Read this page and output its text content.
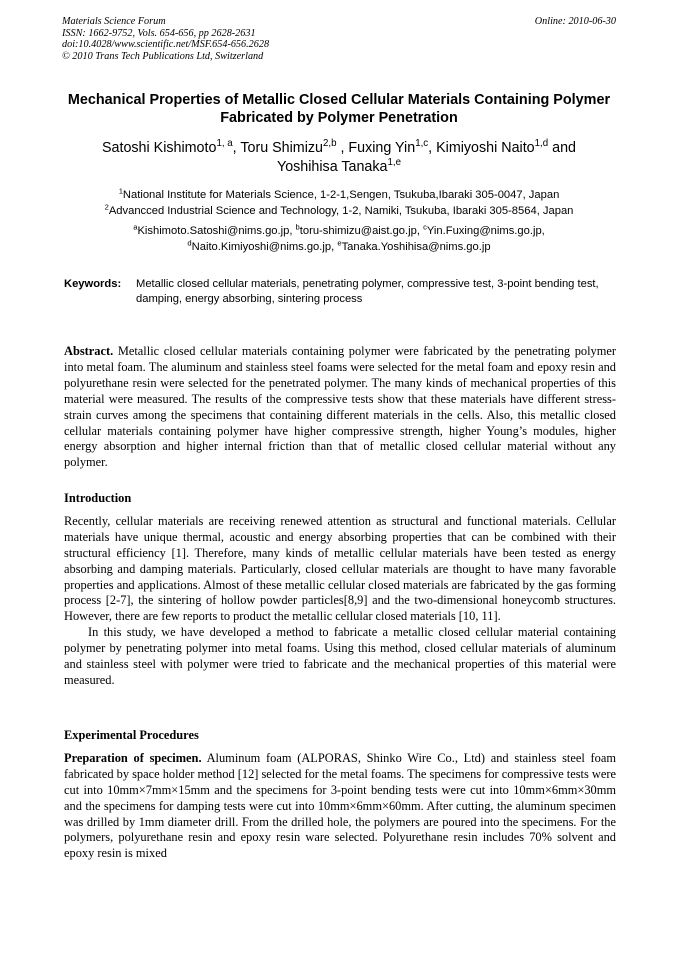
Materials Science Forum
ISSN: 1662-9752, Vols. 654-656, pp 2628-2631
doi:10.4028/www.scientific.net/MSF.654-656.2628
© 2010 Trans Tech Publications Ltd, Switzerland
Online: 2010-06-30
Mechanical Properties of Metallic Closed Cellular Materials Containing Polymer Fabricated by Polymer Penetration
Satoshi Kishimoto$^{1, a}$, Toru Shimizu$^{2,b}$ , Fuxing Yin$^{1,c}$, Kimiyoshi Naito$^{1,d}$ and
Yoshihisa Tanaka$^{1,e}$
$^1$National Institute for Materials Science, 1-2-1,Sengen, Tsukuba,Ibaraki 305-0047, Japan
$^2$Advancced Industrial Science and Technology, 1-2, Namiki, Tsukuba, Ibaraki 305-8564, Japan
$^a$Kishimoto.Satoshi@nims.go.jp, $^b$toru-shimizu@aist.go.jp, $^c$Yin.Fuxing@nims.go.jp,
$^d$Naito.Kimiyoshi@nims.go.jp, $^e$Tanaka.Yoshihisa@nims.go.jp
Keywords:	Metallic closed cellular materials, penetrating polymer, compressive test, 3-point bending test, damping, energy absorbing, sintering process

Abstract. Metallic closed cellular materials containing polymer were fabricated by the penetrating polymer into metal foam. The aluminum and stainless steel foams were selected for the metal foam and epoxy resin and polyurethane resin were selected for the penetrated polymer. The many kinds of mechanical properties of this material were measured. The results of the compressive tests show that these materials have different stress-strain curves among the specimens that containing different materials in the cells. Also, this metallic closed cellular materials containing polymer have higher compressive strength, higher Young’s modules, higher energy absorption and higher internal friction than that of metallic closed cellular material without any polymer.

Introduction

Recently, cellular materials are receiving renewed attention as structural and functional materials. Cellular materials have unique thermal, acoustic and energy absorbing properties that can be combined with their structural efficiency [1]. Therefore, many kinds of metallic cellular materials have been tested as energy absorbing and damping materials. Particularly, closed cellular materials are thought to have many favorable properties and applications. Almost of these metallic cellular closed materials are fabricated by the gas forming process [2-7], the sintering of hollow powder particles[8,9] and the two-dimensional honeycomb structures. However, there are few reports to product the metallic cellular closed materials [10, 11].

In this study, we have developed a method to fabricate a metallic closed cellular material containing polymer by penetrating polymer into metal foams. Using this method, closed cellular materials of aluminum and stainless steel with polymer were tried to fabricate and the mechanical properties of this material were measured.

Experimental Procedures

Preparation of specimen. Aluminum foam (ALPORAS, Shinko Wire Co., Ltd) and stainless steel foam fabricated by space holder method [12] selected for the metal foams. The specimens for compressive tests were cut into 10mm×7mm×15mm and the specimens for 3-point bending tests were cut into 10mm×6mm×30mm and the specimens for damping tests were cut into 10mm×6mm×60mm. After cutting, the aluminum specimen was drilled by 1mm diameter drill. From the drilled hole, the polymers are poured into the specimens. For the polymers, polyurethane resin and epoxy resin ware selected. Polyurethane resin includes 70% solvent and epoxy resin is mixed
